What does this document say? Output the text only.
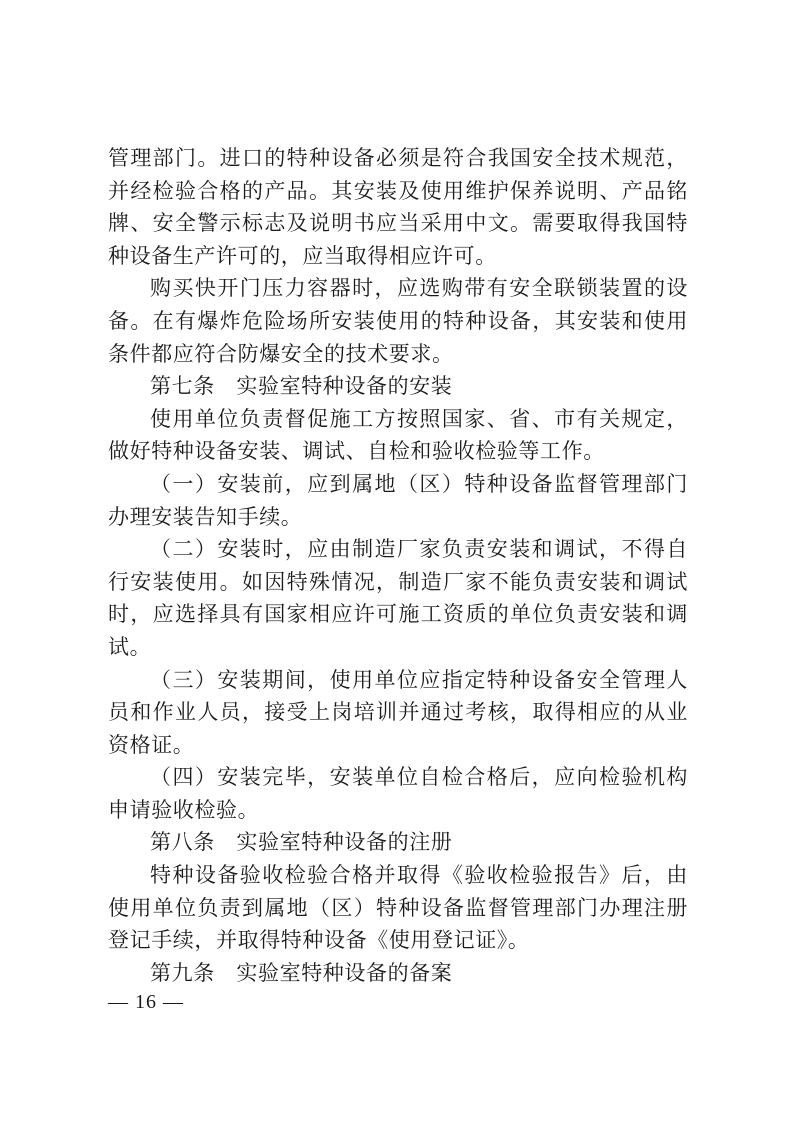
管理部门。进口的特种设备必须是符合我国安全技术规范，并经检验合格的产品。其安装及使用维护保养说明、产品铭牌、安全警示标志及说明书应当采用中文。需要取得我国特种设备生产许可的，应当取得相应许可。

购买快开门压力容器时，应选购带有安全联锁装置的设备。在有爆炸危险场所安装使用的特种设备，其安装和使用条件都应符合防爆安全的技术要求。

第七条　实验室特种设备的安装

使用单位负责督促施工方按照国家、省、市有关规定，做好特种设备安装、调试、自检和验收检验等工作。

（一）安装前，应到属地（区）特种设备监督管理部门办理安装告知手续。

（二）安装时，应由制造厂家负责安装和调试，不得自行安装使用。如因特殊情况，制造厂家不能负责安装和调试时，应选择具有国家相应许可施工资质的单位负责安装和调试。

（三）安装期间，使用单位应指定特种设备安全管理人员和作业人员，接受上岗培训并通过考核，取得相应的从业资格证。

（四）安装完毕，安装单位自检合格后，应向检验机构申请验收检验。

第八条　实验室特种设备的注册

特种设备验收检验合格并取得《验收检验报告》后，由使用单位负责到属地（区）特种设备监督管理部门办理注册登记手续，并取得特种设备《使用登记证》。

第九条　实验室特种设备的备案

— 16 —
